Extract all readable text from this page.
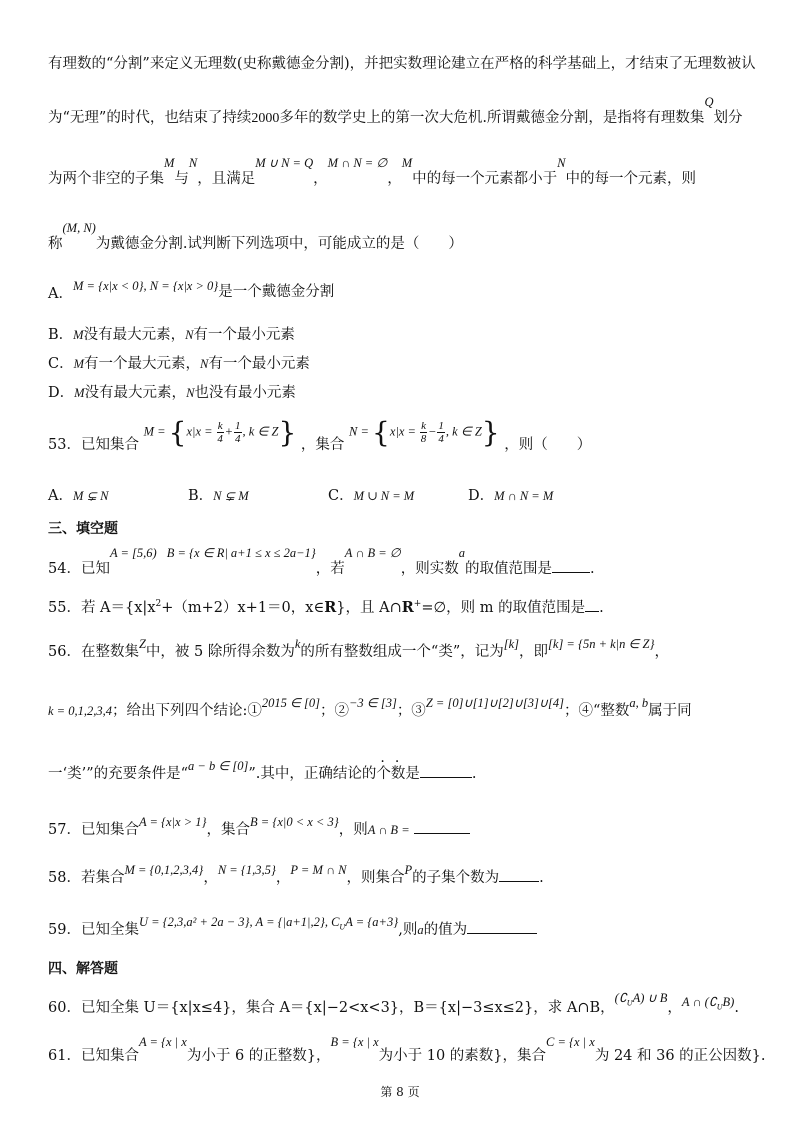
有理数的“分割”来定义无理数(史称戴德金分割)，并把实数理论建立在严格的科学基础上，才结束了无理数被认
为“无理”的时代，也结束了持续2000多年的数学史上的第一次大危机.所谓戴德金分割，是指将有理数集Q划分
为两个非空的子集M与N，且满足M ∪ N = Q，M ∩ N = ∅，M中的每一个元素都小于N中的每一个元素，则
称(M, N)为戴德金分割.试判断下列选项中，可能成立的是（　　）
A．M = {x|x < 0}, N = {x|x > 0}是一个戴德金分割
B．M没有最大元素，N有一个最小元素
C．M有一个最大元素，N有一个最小元素
D．M没有最大元素，N也没有最小元素
53．已知集合 $M = \{x|x = \frac{k}{4} + \frac{1}{4}$ , k ∈ Z} ，集合 $N = \{x|x = \frac{k}{8} - \frac{1}{4}$ , k ∈ Z} ，则（　　）
A．M ⊊ N	B．N ⊊ M	C．M ∪ N = M	D．M ∩ N = M
三、填空题
54．已知A = [5,6) B = {x ∈ R| a+1 ≤ x ≤ 2a−1}，若A ∩ B = ∅，则实数a的取值范围是	.
55．若 $A=\{x|x^2+(m+2)x+1=0$，x∈R}，且 A∩R+=∅，则 m 的取值范围是 .
56．在整数集Z中，被 5 除所得余数为k的所有整数组成一个“类”，记为[k]，即[k] = {5n + k|n ∈ Z}，
k = 0,1,2,3,4；给出下列四个结论:①2015 ∈ [0]；②−3 ∈ [3]；③Z = [0]∪[1]∪[2]∪[3]∪[4]；④“整数a, b属于同
一‘类’”的充要条件是“a − b ∈ [0]”.其中，正确结论的个数是	.
57．已知集合A = {x|x > 1}，集合B = {x|0 < x < 3}，则A ∩ B =
58．若集合M = {0,1,2,3,4}，N = {1,3,5}，P = M ∩ N，则集合P的子集个数为	.
59．已知全集U = {2,3,a² + 2a − 3}, A = {|a+1|,2}, $C_UA = \{a+3\}$,则a的值为
四、解答题
60．已知全集 U＝{x|x≤4}，集合 A＝{x|−2<x<3}，B＝{x|−3≤x≤2}，求 A∩B，$(∁_UA)$ ∪ B，A ∩ $(∁_UB)$.
61．已知集合A = {x | x为小于 6 的正整数}，B = {x | x为小于 10 的素数}，集合C = {x | x为 24 和 36 的正公因数}.
第 8 页
